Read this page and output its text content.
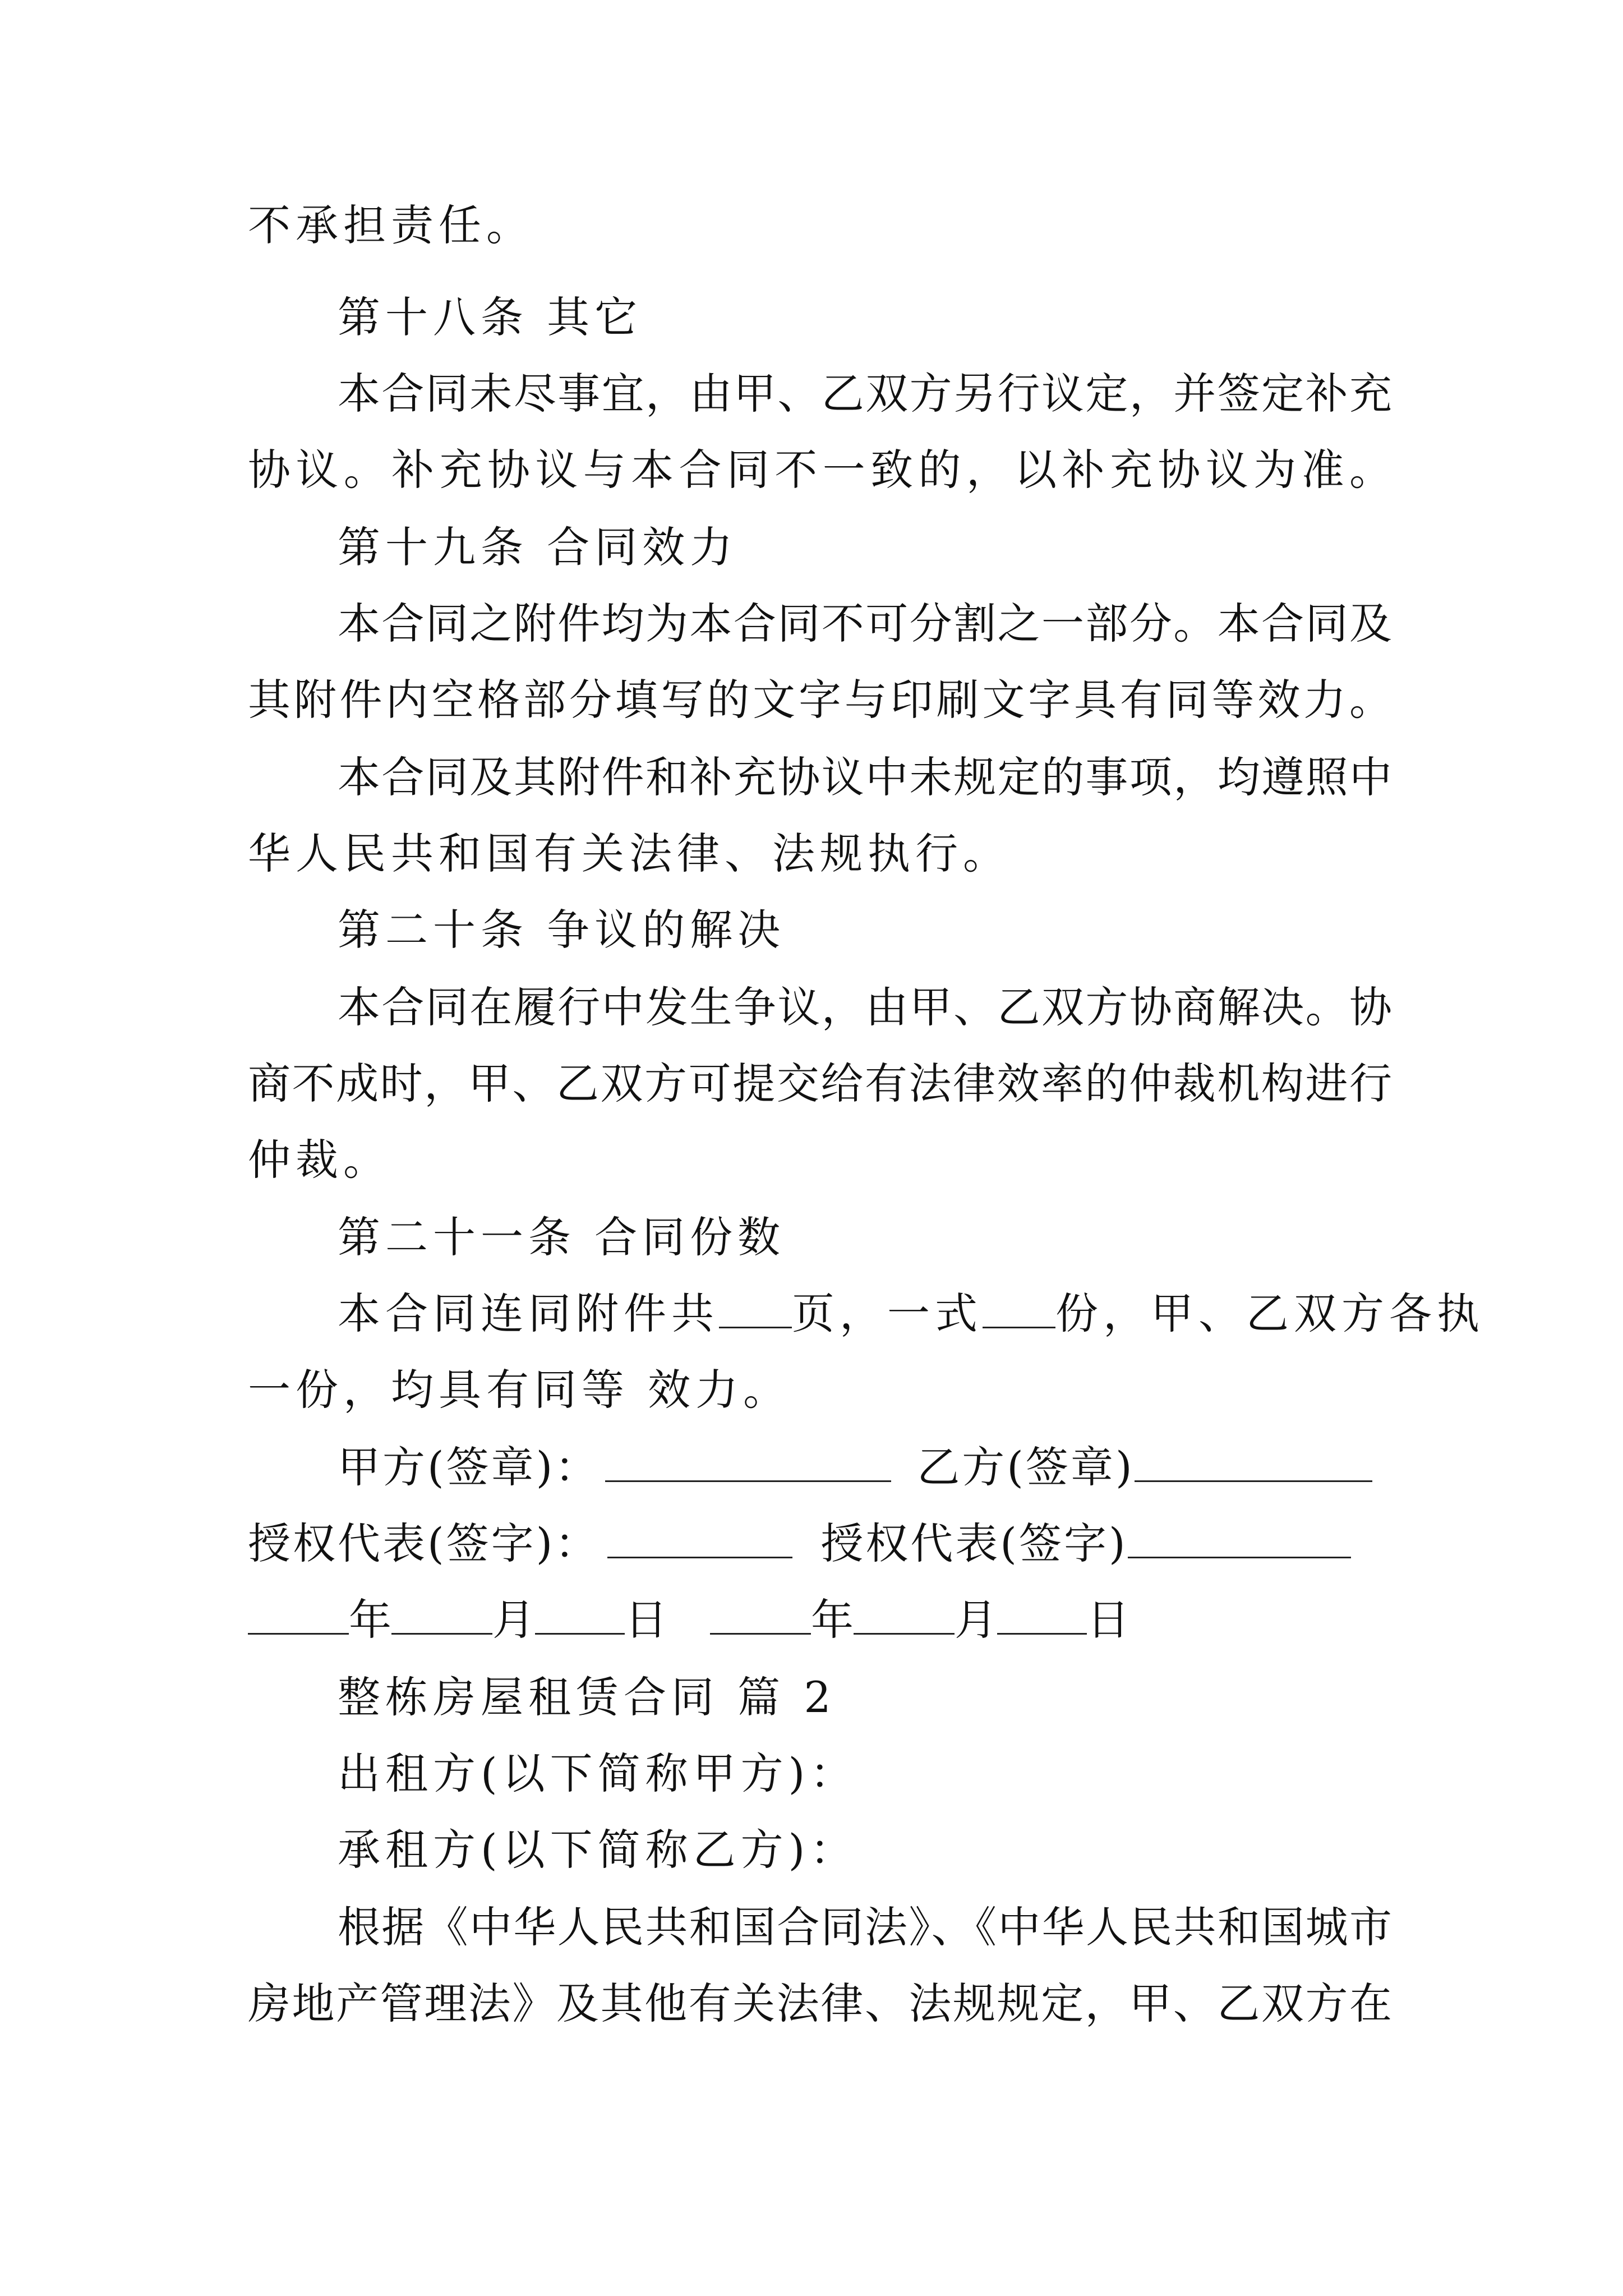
不承担责任。
第十八条 其它
本合同未尽事宜，由甲、乙双方另行议定，并签定补充
协议。补充协议与本合同不一致的，以补充协议为准。
第十九条 合同效力
本合同之附件均为本合同不可分割之一部分。本合同及
其附件内空格部分填写的文字与印刷文字具有同等效力。
本合同及其附件和补充协议中未规定的事项，均遵照中
华人民共和国有关法律、法规执行。
第二十条 争议的解决
本合同在履行中发生争议，由甲、乙双方协商解决。协
商不成时，甲、乙双方可提交给有法律效率的仲裁机构进行
仲裁。
第二十一条 合同份数
本合同连同附件共 页，一式 份，甲、乙双方各执
一份，均具有同等 效力。
甲方(签章)：	乙方(签章)
授权代表(签字)：	授权代表(签字)
年 月 日	年 月 日
整栋房屋租赁合同 篇 2
出租方(以下简称甲方)：
承租方(以下简称乙方)：
根据《中华人民共和国合同法》、《中华人民共和国城市
房地产管理法》及其他有关法律、法规规定，甲、乙双方在
